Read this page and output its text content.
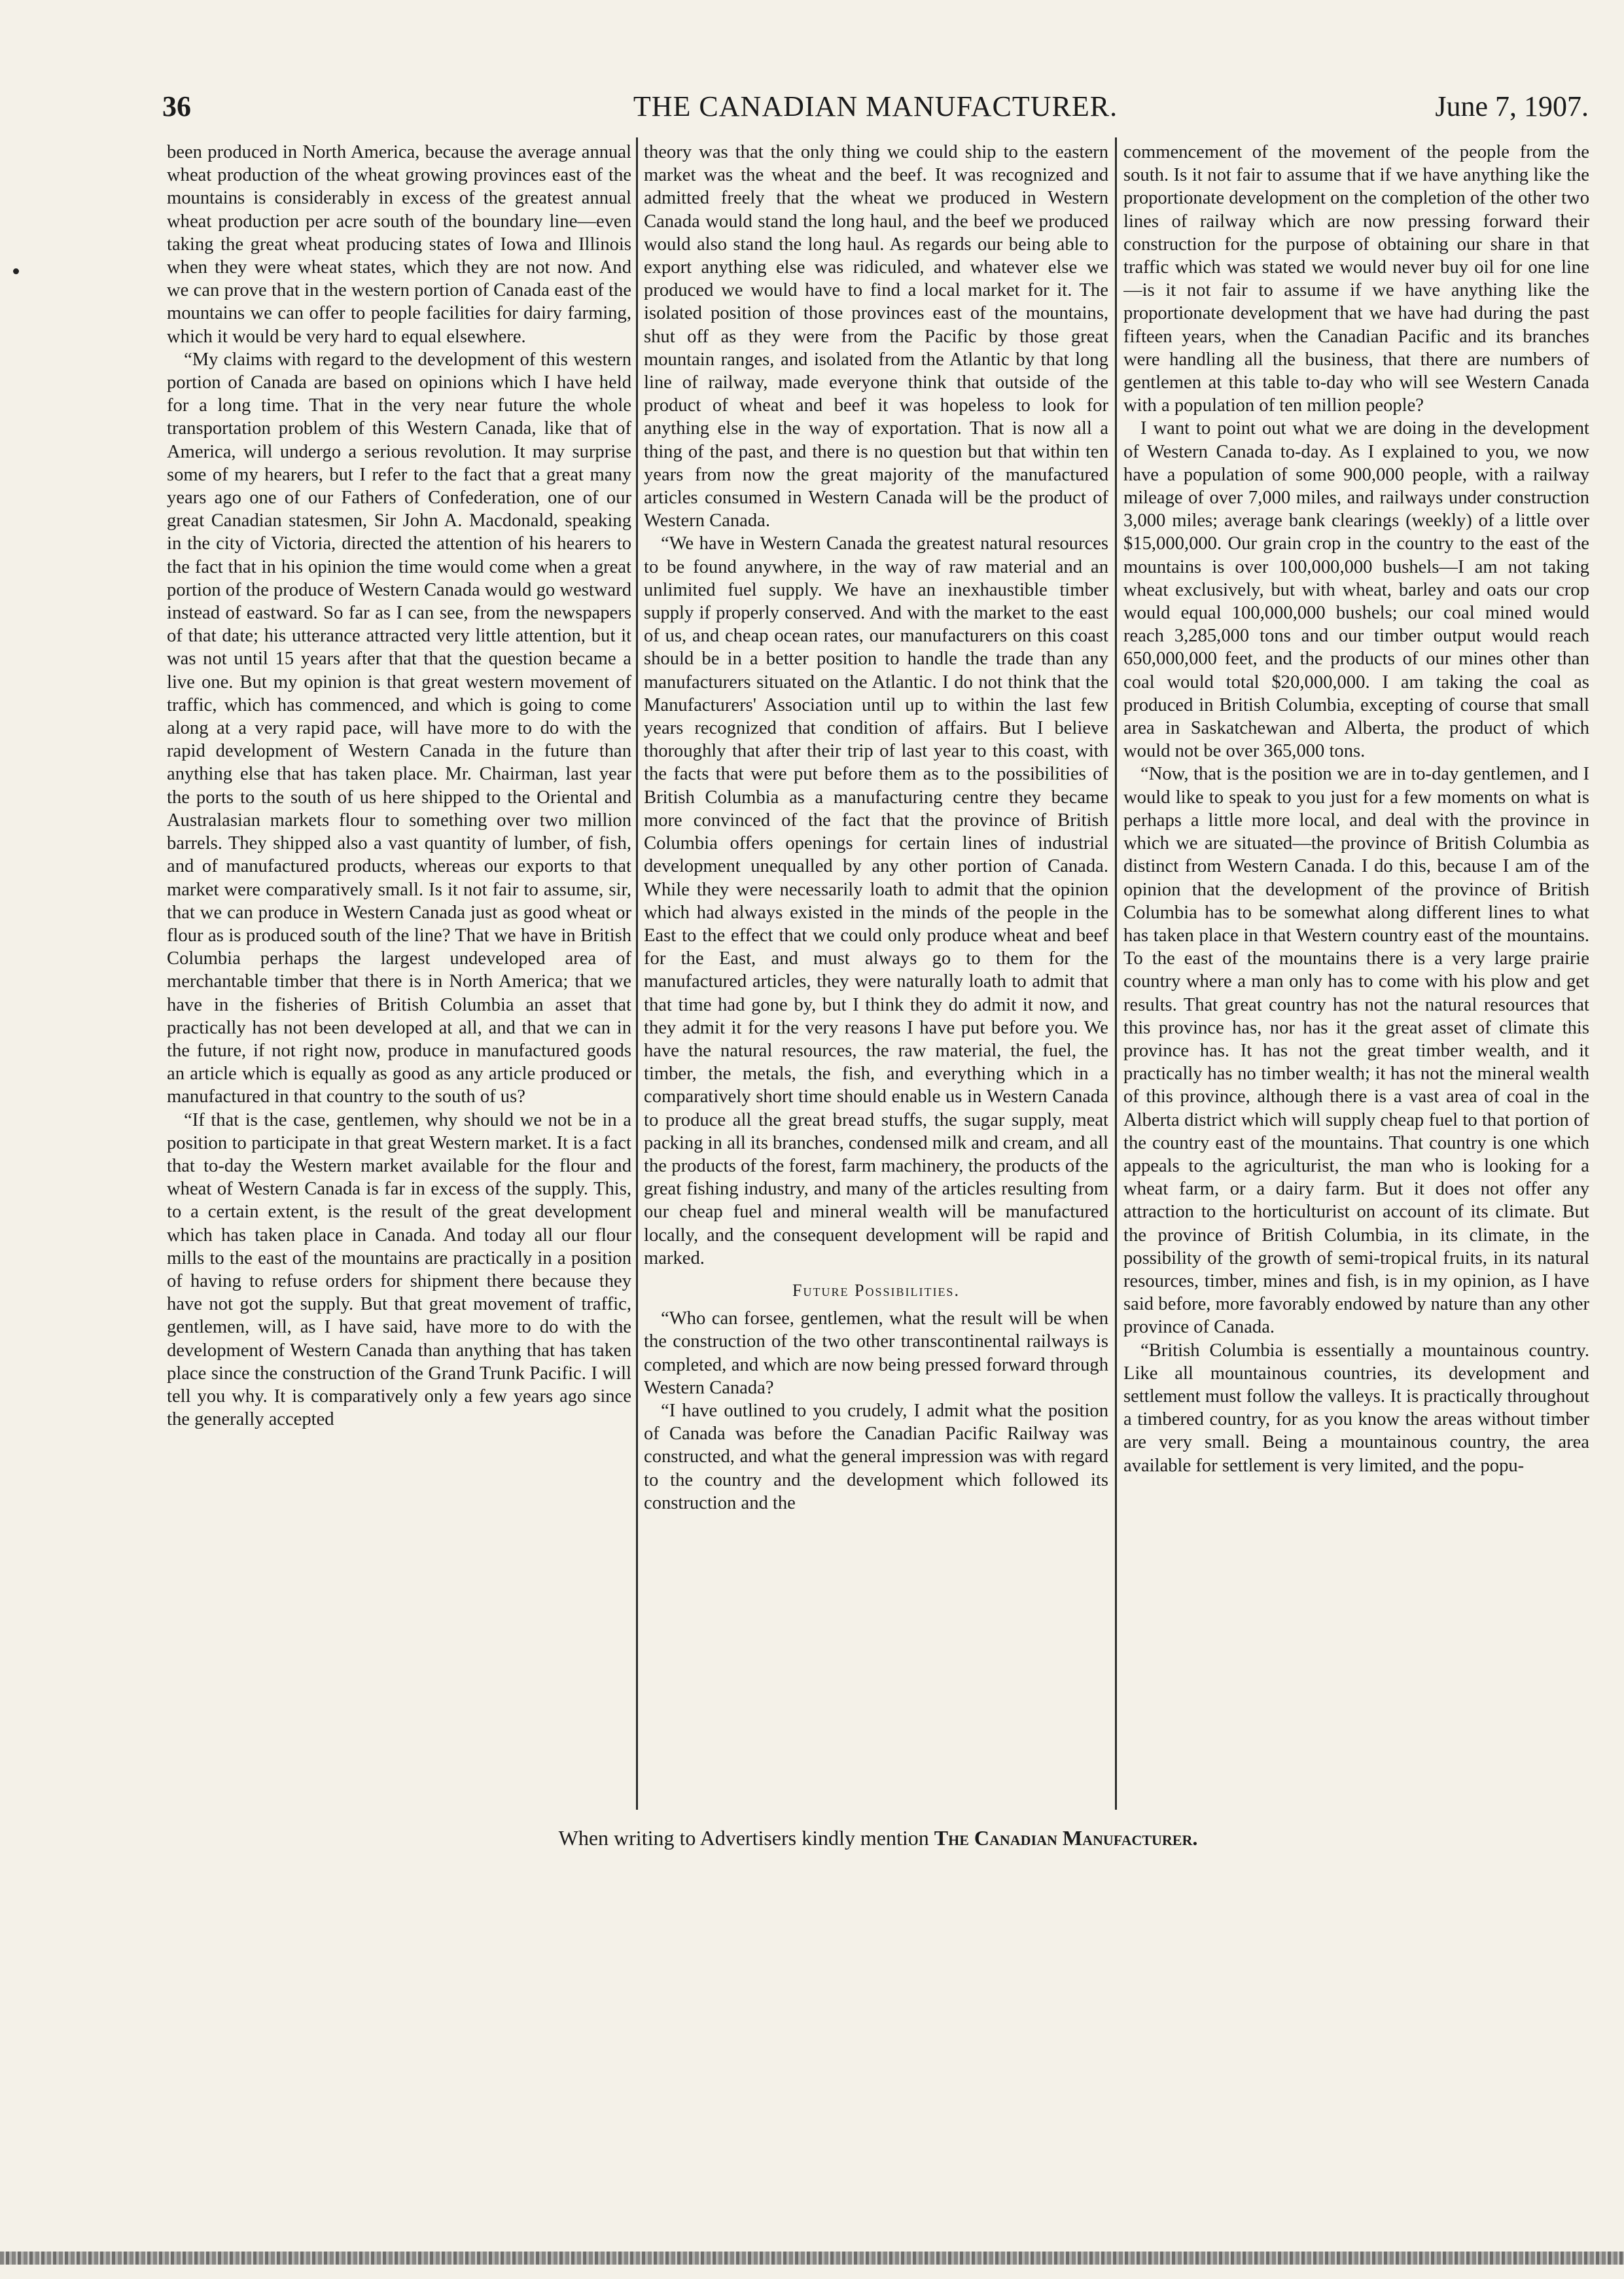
36	THE CANADIAN MANUFACTURER.	June 7, 1907.

been produced in North America, because the average annual wheat production of the wheat growing provinces east of the mountains is considerably in excess of the greatest annual wheat production per acre south of the boundary line—even taking the great wheat producing states of Iowa and Illinois when they were wheat states, which they are not now. And we can prove that in the western portion of Canada east of the mountains we can offer to people facilities for dairy farming, which it would be very hard to equal elsewhere.

“My claims with regard to the development of this western portion of Canada are based on opinions which I have held for a long time. That in the very near future the whole transportation problem of this Western Canada, like that of America, will undergo a serious revolution. It may surprise some of my hearers, but I refer to the fact that a great many years ago one of our Fathers of Confederation, one of our great Canadian statesmen, Sir John A. Macdonald, speaking in the city of Victoria, directed the attention of his hearers to the fact that in his opinion the time would come when a great portion of the produce of Western Canada would go westward instead of eastward. So far as I can see, from the newspapers of that date; his utterance attracted very little attention, but it was not until 15 years after that that the question became a live one. But my opinion is that great western movement of traffic, which has commenced, and which is going to come along at a very rapid pace, will have more to do with the rapid development of Western Canada in the future than anything else that has taken place. Mr. Chairman, last year the ports to the south of us here shipped to the Oriental and Australasian markets flour to something over two million barrels. They shipped also a vast quantity of lumber, of fish, and of manufactured products, whereas our exports to that market were comparatively small. Is it not fair to assume, sir, that we can produce in Western Canada just as good wheat or flour as is produced south of the line? That we have in British Columbia perhaps the largest undeveloped area of merchantable timber that there is in North America; that we have in the fisheries of British Columbia an asset that practically has not been developed at all, and that we can in the future, if not right now, produce in manufactured goods an article which is equally as good as any article produced or manufactured in that country to the south of us?

“If that is the case, gentlemen, why should we not be in a position to participate in that great Western market. It is a fact that to-day the Western market available for the flour and wheat of Western Canada is far in excess of the supply. This, to a certain extent, is the result of the great development which has taken place in Canada. And today all our flour mills to the east of the mountains are practically in a position of having to refuse orders for shipment there because they have not got the supply. But that great movement of traffic, gentlemen, will, as I have said, have more to do with the development of Western Canada than anything that has taken place since the construction of the Grand Trunk Pacific. I will tell you why. It is comparatively only a few years ago since the generally accepted

theory was that the only thing we could ship to the eastern market was the wheat and the beef. It was recognized and admitted freely that the wheat we produced in Western Canada would stand the long haul, and the beef we produced would also stand the long haul. As regards our being able to export anything else was ridiculed, and whatever else we produced we would have to find a local market for it. The isolated position of those provinces east of the mountains, shut off as they were from the Pacific by those great mountain ranges, and isolated from the Atlantic by that long line of railway, made everyone think that outside of the product of wheat and beef it was hopeless to look for anything else in the way of exportation. That is now all a thing of the past, and there is no question but that within ten years from now the great majority of the manufactured articles consumed in Western Canada will be the product of Western Canada.

“We have in Western Canada the greatest natural resources to be found anywhere, in the way of raw material and an unlimited fuel supply. We have an inexhaustible timber supply if properly conserved. And with the market to the east of us, and cheap ocean rates, our manufacturers on this coast should be in a better position to handle the trade than any manufacturers situated on the Atlantic. I do not think that the Manufacturers' Association until up to within the last few years recognized that condition of affairs. But I believe thoroughly that after their trip of last year to this coast, with the facts that were put before them as to the possibilities of British Columbia as a manufacturing centre they became more convinced of the fact that the province of British Columbia offers openings for certain lines of industrial development unequalled by any other portion of Canada. While they were necessarily loath to admit that the opinion which had always existed in the minds of the people in the East to the effect that we could only produce wheat and beef for the East, and must always go to them for the manufactured articles, they were naturally loath to admit that that time had gone by, but I think they do admit it now, and they admit it for the very reasons I have put before you. We have the natural resources, the raw material, the fuel, the timber, the metals, the fish, and everything which in a comparatively short time should enable us in Western Canada to produce all the great bread stuffs, the sugar supply, meat packing in all its branches, condensed milk and cream, and all the products of the forest, farm machinery, the products of the great fishing industry, and many of the articles resulting from our cheap fuel and mineral wealth will be manufactured locally, and the consequent development will be rapid and marked.

Future Possibilities.

“Who can forsee, gentlemen, what the result will be when the construction of the two other transcontinental railways is completed, and which are now being pressed forward through Western Canada?

“I have outlined to you crudely, I admit what the position of Canada was before the Canadian Pacific Railway was constructed, and what the general impression was with regard to the country and the development which followed its construction and the

commencement of the movement of the people from the south. Is it not fair to assume that if we have anything like the proportionate development on the completion of the other two lines of railway which are now pressing forward their construction for the purpose of obtaining our share in that traffic which was stated we would never buy oil for one line—is it not fair to assume if we have anything like the proportionate development that we have had during the past fifteen years, when the Canadian Pacific and its branches were handling all the business, that there are numbers of gentlemen at this table to-day who will see Western Canada with a population of ten million people?

I want to point out what we are doing in the development of Western Canada to-day. As I explained to you, we now have a population of some 900,000 people, with a railway mileage of over 7,000 miles, and railways under construction 3,000 miles; average bank clearings (weekly) of a little over $15,000,000. Our grain crop in the country to the east of the mountains is over 100,000,000 bushels—I am not taking wheat exclusively, but with wheat, barley and oats our crop would equal 100,000,000 bushels; our coal mined would reach 3,285,000 tons and our timber output would reach 650,000,000 feet, and the products of our mines other than coal would total $20,000,000. I am taking the coal as produced in British Columbia, excepting of course that small area in Saskatchewan and Alberta, the product of which would not be over 365,000 tons.

“Now, that is the position we are in to-day gentlemen, and I would like to speak to you just for a few moments on what is perhaps a little more local, and deal with the province in which we are situated—the province of British Columbia as distinct from Western Canada. I do this, because I am of the opinion that the development of the province of British Columbia has to be somewhat along different lines to what has taken place in that Western country east of the mountains. To the east of the mountains there is a very large prairie country where a man only has to come with his plow and get results. That great country has not the natural resources that this province has, nor has it the great asset of climate this province has. It has not the great timber wealth, and it practically has no timber wealth; it has not the mineral wealth of this province, although there is a vast area of coal in the Alberta district which will supply cheap fuel to that portion of the country east of the mountains. That country is one which appeals to the agriculturist, the man who is looking for a wheat farm, or a dairy farm. But it does not offer any attraction to the horticulturist on account of its climate. But the province of British Columbia, in its climate, in the possibility of the growth of semi-tropical fruits, in its natural resources, timber, mines and fish, is in my opinion, as I have said before, more favorably endowed by nature than any other province of Canada.

“British Columbia is essentially a mountainous country. Like all mountainous countries, its development and settlement must follow the valleys. It is practically throughout a timbered country, for as you know the areas without timber are very small. Being a mountainous country, the area available for settlement is very limited, and the popu-

When writing to Advertisers kindly mention The Canadian Manufacturer.
